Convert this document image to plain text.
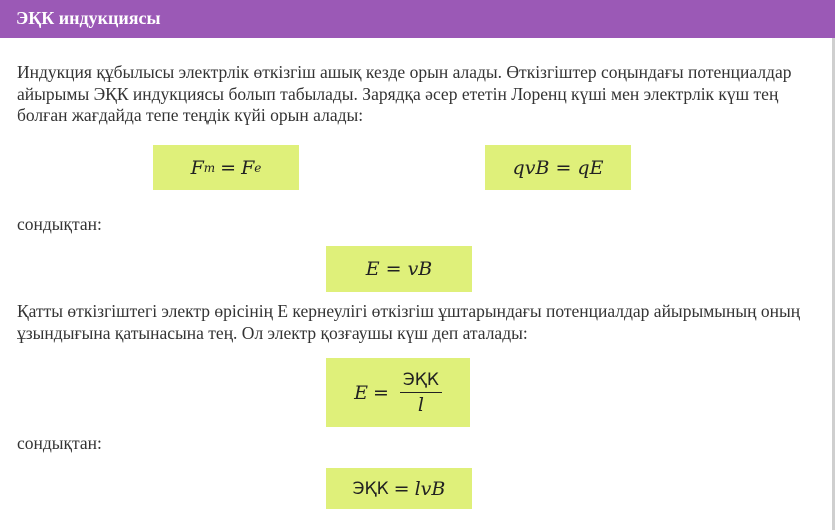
ЭҚК индукциясы
Индукция құбылысы электрлік өткізгіш ашық кезде орын алады. Өткізгіштер соңындағы потенциалдар айырымы ЭҚК индукциясы болып табылады. Зарядқа әсер ететін Лоренц күші мен электрлік күш тең болған жағдайда тепе теңдік күйі орын алады:
F m = F e	qvB = qE
сондықтан:
E = vB
Қатты өткізгіштегі электр өрісінің E кернеулігі өткізгіш ұштарындағы потенциалдар айырымының оның ұзындығына қатынасына тең. Ол электр қозғаушы күш деп аталады:
$E = \frac{\text{ЭҚК}}{l}$
сондықтан:
ЭҚК = lvB
